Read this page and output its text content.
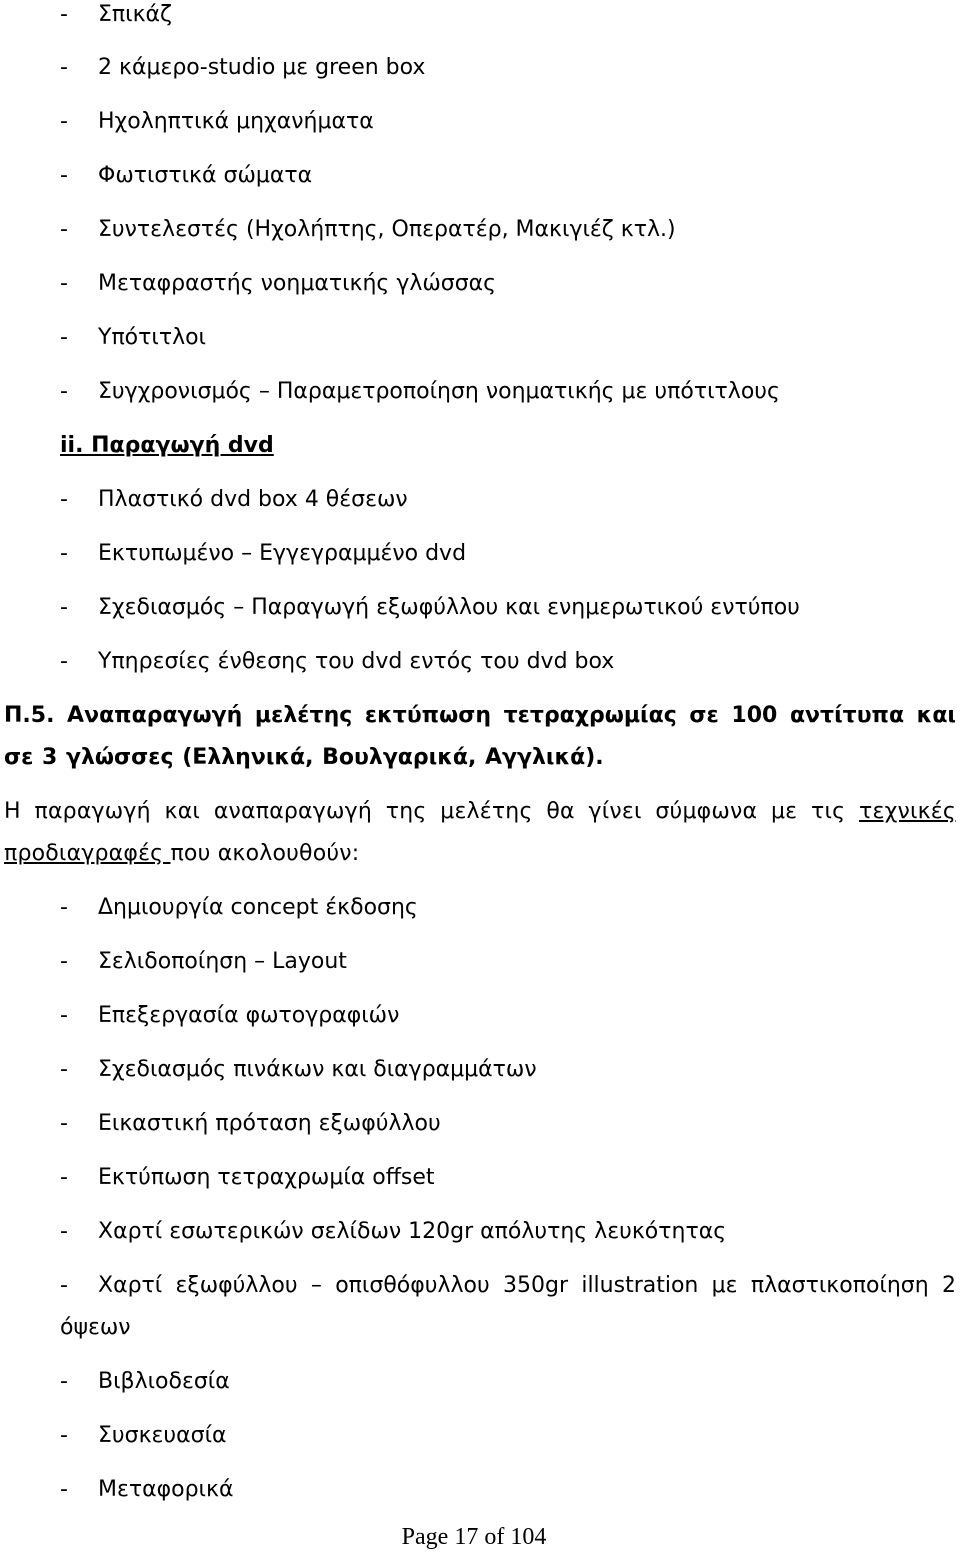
- Σπικάζ
- 2 κάμερο-studio με green box
- Ηχοληπτικά μηχανήματα
- Φωτιστικά σώματα
- Συντελεστές (Ηχολήπτης, Οπερατέρ, Μακιγιέζ κτλ.)
- Μεταφραστής νοηματικής γλώσσας
- Υπότιτλοι
- Συγχρονισμός – Παραμετροποίηση νοηματικής με υπότιτλους
ii. Παραγωγή dvd
- Πλαστικό dvd box 4 θέσεων
- Εκτυπωμένο – Εγγεγραμμένο dvd
- Σχεδιασμός – Παραγωγή εξωφύλλου και ενημερωτικού εντύπου
- Υπηρεσίες ένθεσης του dvd εντός του dvd box
Π.5. Αναπαραγωγή μελέτης εκτύπωση τετραχρωμίας σε 100 αντίτυπα και σε 3 γλώσσες (Ελληνικά, Βουλγαρικά, Αγγλικά).
Η παραγωγή και αναπαραγωγή της μελέτης θα γίνει σύμφωνα με τις τεχνικές προδιαγραφές που ακολουθούν:
- Δημιουργία concept έκδοσης
- Σελιδοποίηση – Layout
- Επεξεργασία φωτογραφιών
- Σχεδιασμός πινάκων και διαγραμμάτων
- Εικαστική πρόταση εξωφύλλου
- Εκτύπωση τετραχρωμία offset
- Χαρτί εσωτερικών σελίδων 120gr απόλυτης λευκότητας
- Χαρτί εξωφύλλου – οπισθόφυλλου 350gr illustration με πλαστικοποίηση 2 όψεων
- Βιβλιοδεσία
- Συσκευασία
- Μεταφορικά
Page 17 of 104
